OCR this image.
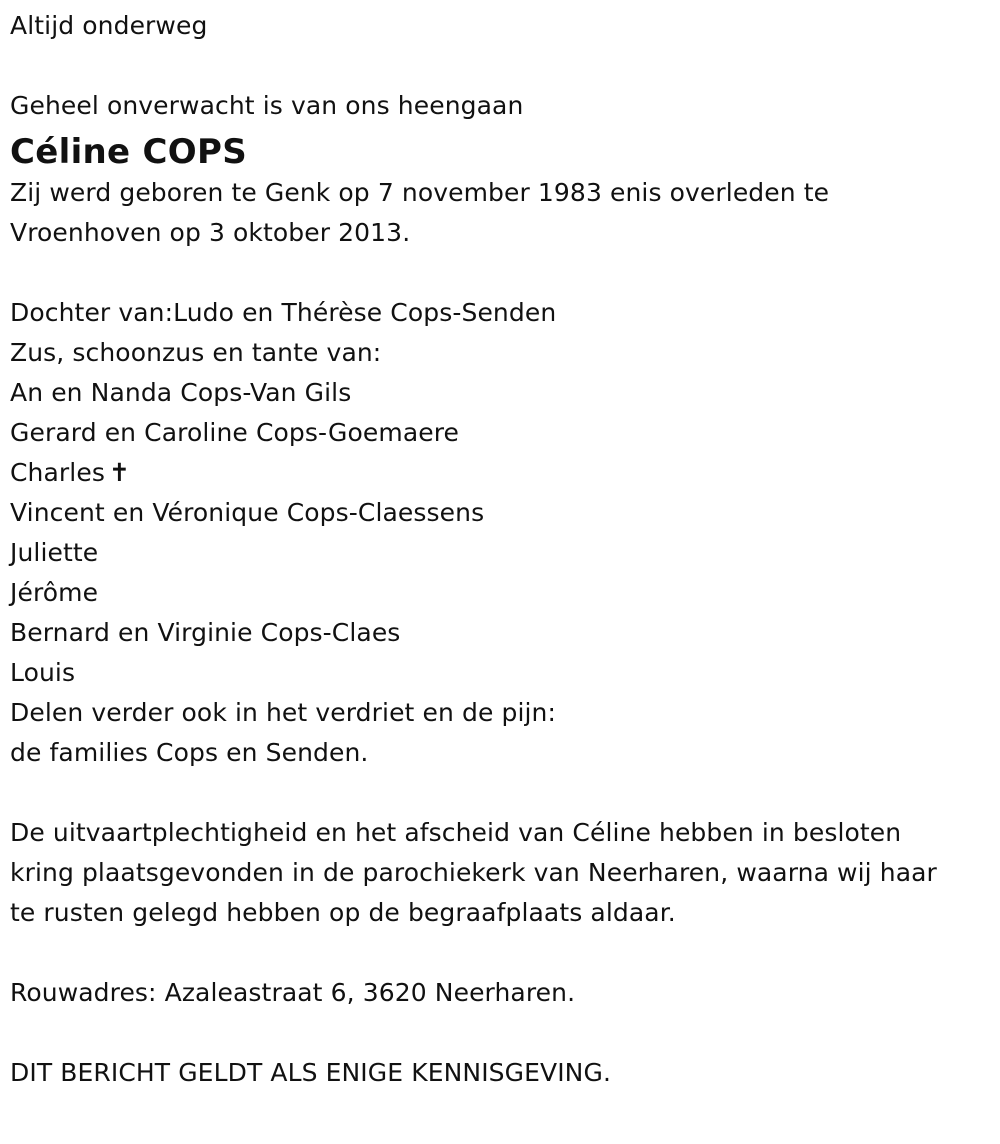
Altijd onderweg
Geheel onverwacht is van ons heengaan
Céline COPS
Zij werd geboren te Genk op 7 november 1983 enis overleden te
Vroenhoven op 3 oktober 2013.
Dochter van:Ludo en Thérèse Cops-Senden
Zus, schoonzus en tante van:
An en Nanda Cops-Van Gils
Gerard en Caroline Cops-Goemaere
Charles ✝
Vincent en Véronique Cops-Claessens
Juliette
Jérôme
Bernard en Virginie Cops-Claes
Louis
Delen verder ook in het verdriet en de pijn:
de families Cops en Senden.
De uitvaartplechtigheid en het afscheid van Céline hebben in besloten
kring plaatsgevonden in de parochiekerk van Neerharen, waarna wij haar
te rusten gelegd hebben op de begraafplaats aldaar.
Rouwadres: Azaleastraat 6, 3620 Neerharen.
DIT BERICHT GELDT ALS ENIGE KENNISGEVING.
